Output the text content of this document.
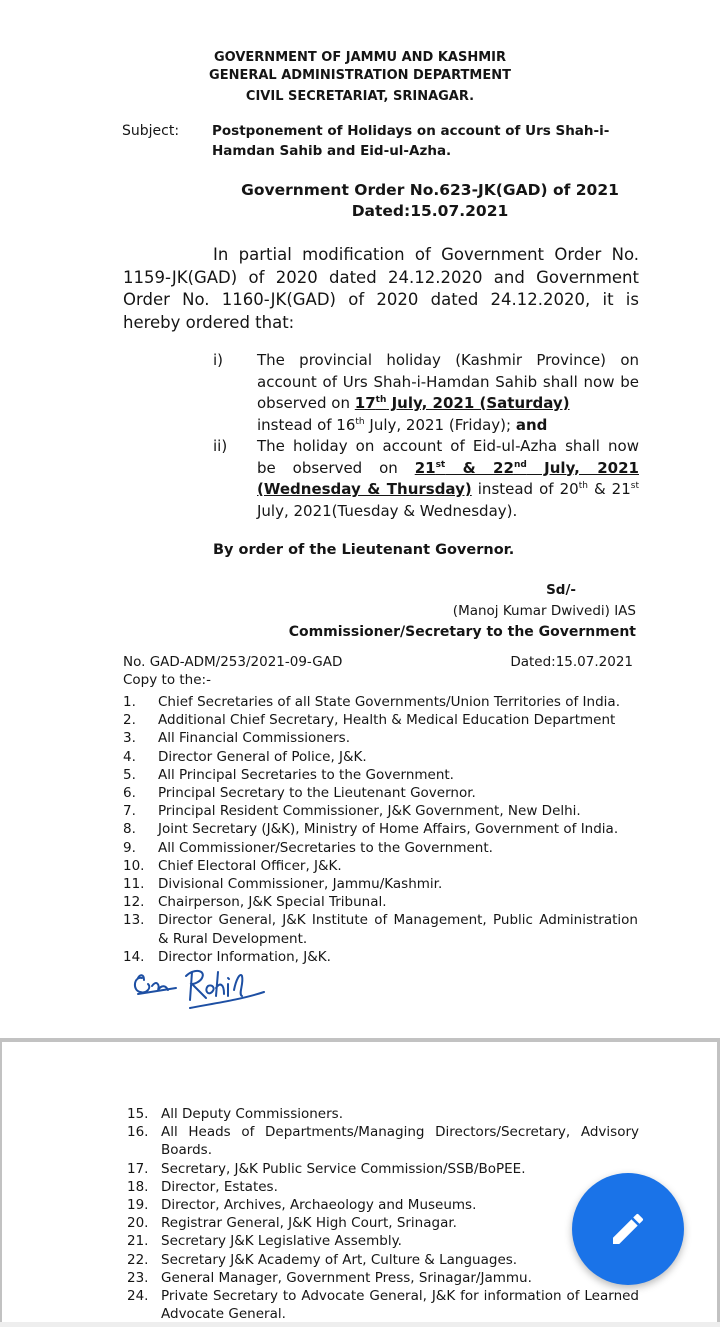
GOVERNMENT OF JAMMU AND KASHMIR
GENERAL ADMINISTRATION DEPARTMENT
CIVIL SECRETARIAT, SRINAGAR.
Subject: Postponement of Holidays on account of Urs Shah-i-Hamdan Sahib and Eid-ul-Azha.
Government Order No.623-JK(GAD) of 2021
Dated:15.07.2021
In partial modification of Government Order No. 1159-JK(GAD) of 2020 dated 24.12.2020 and Government Order No. 1160-JK(GAD) of 2020 dated 24.12.2020, it is hereby ordered that:
i) The provincial holiday (Kashmir Province) on account of Urs Shah-i-Hamdan Sahib shall now be observed on 17th July, 2021 (Saturday)
instead of 16th July, 2021 (Friday); and
ii) The holiday on account of Eid-ul-Azha shall now be observed on 21st & 22nd July, 2021 (Wednesday & Thursday) instead of 20th & 21st July, 2021(Tuesday & Wednesday).
By order of the Lieutenant Governor.
Sd/-
(Manoj Kumar Dwivedi) IAS
Commissioner/Secretary to the Government
No. GAD-ADM/253/2021-09-GAD	Dated:15.07.2021
Copy to the:-
1. Chief Secretaries of all State Governments/Union Territories of India.
2. Additional Chief Secretary, Health & Medical Education Department
3. All Financial Commissioners.
4. Director General of Police, J&K.
5. All Principal Secretaries to the Government.
6. Principal Secretary to the Lieutenant Governor.
7. Principal Resident Commissioner, J&K Government, New Delhi.
8. Joint Secretary (J&K), Ministry of Home Affairs, Government of India.
9. All Commissioner/Secretaries to the Government.
10. Chief Electoral Officer, J&K.
11. Divisional Commissioner, Jammu/Kashmir.
12. Chairperson, J&K Special Tribunal.
13. Director General, J&K Institute of Management, Public Administration & Rural Development.
14. Director Information, J&K.
15. All Deputy Commissioners.
16. All Heads of Departments/Managing Directors/Secretary, Advisory Boards.
17. Secretary, J&K Public Service Commission/SSB/BoPEE.
18. Director, Estates.
19. Director, Archives, Archaeology and Museums.
20. Registrar General, J&K High Court, Srinagar.
21. Secretary J&K Legislative Assembly.
22. Secretary J&K Academy of Art, Culture & Languages.
23. General Manager, Government Press, Srinagar/Jammu.
24. Private Secretary to Advocate General, J&K for information of Learned Advocate General.
